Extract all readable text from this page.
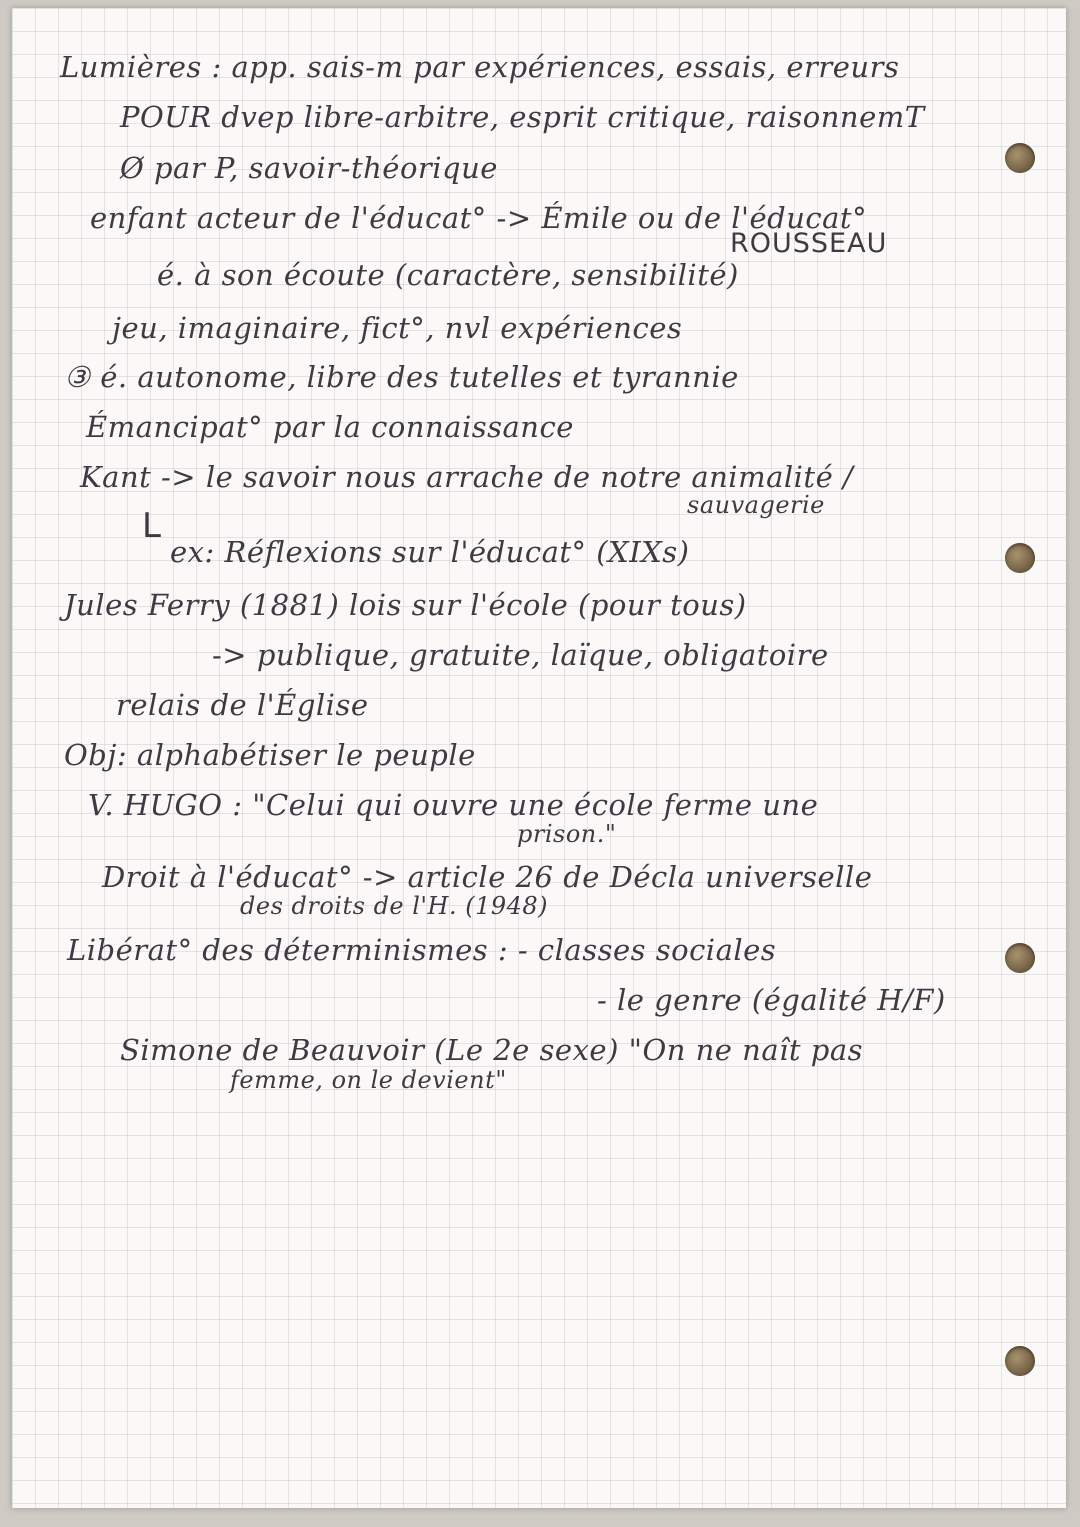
Lumières : app. sais-m par expériences, essais, erreurs
POUR dvep libre-arbitre, esprit critique, raisonnemT
Ø par P, savoir-théorique
enfant acteur de l'éducat° -> Émile ou de l'éducat°
ROUSSEAU
é. à son écoute (caractère, sensibilité)
jeu, imaginaire, fict°, nvl expériences
③ é. autonome, libre des tutelles et tyrannie
Émancipat° par la connaissance
Kant -> le savoir nous arrache de notre animalité /
sauvagerie
ex: Réflexions sur l'éducat° (XIXs)
L
Jules Ferry (1881) lois sur l'école (pour tous)
-> publique, gratuite, laïque, obligatoire
relais de l'Église
Obj: alphabétiser le peuple
V. HUGO : "Celui qui ouvre une école ferme une
prison."
Droit à l'éducat° -> article 26 de Décla universelle
des droits de l'H. (1948)
Libérat° des déterminismes : - classes sociales
- le genre (égalité H/F)
Simone de Beauvoir (Le 2e sexe) "On ne naît pas
femme, on le devient"
